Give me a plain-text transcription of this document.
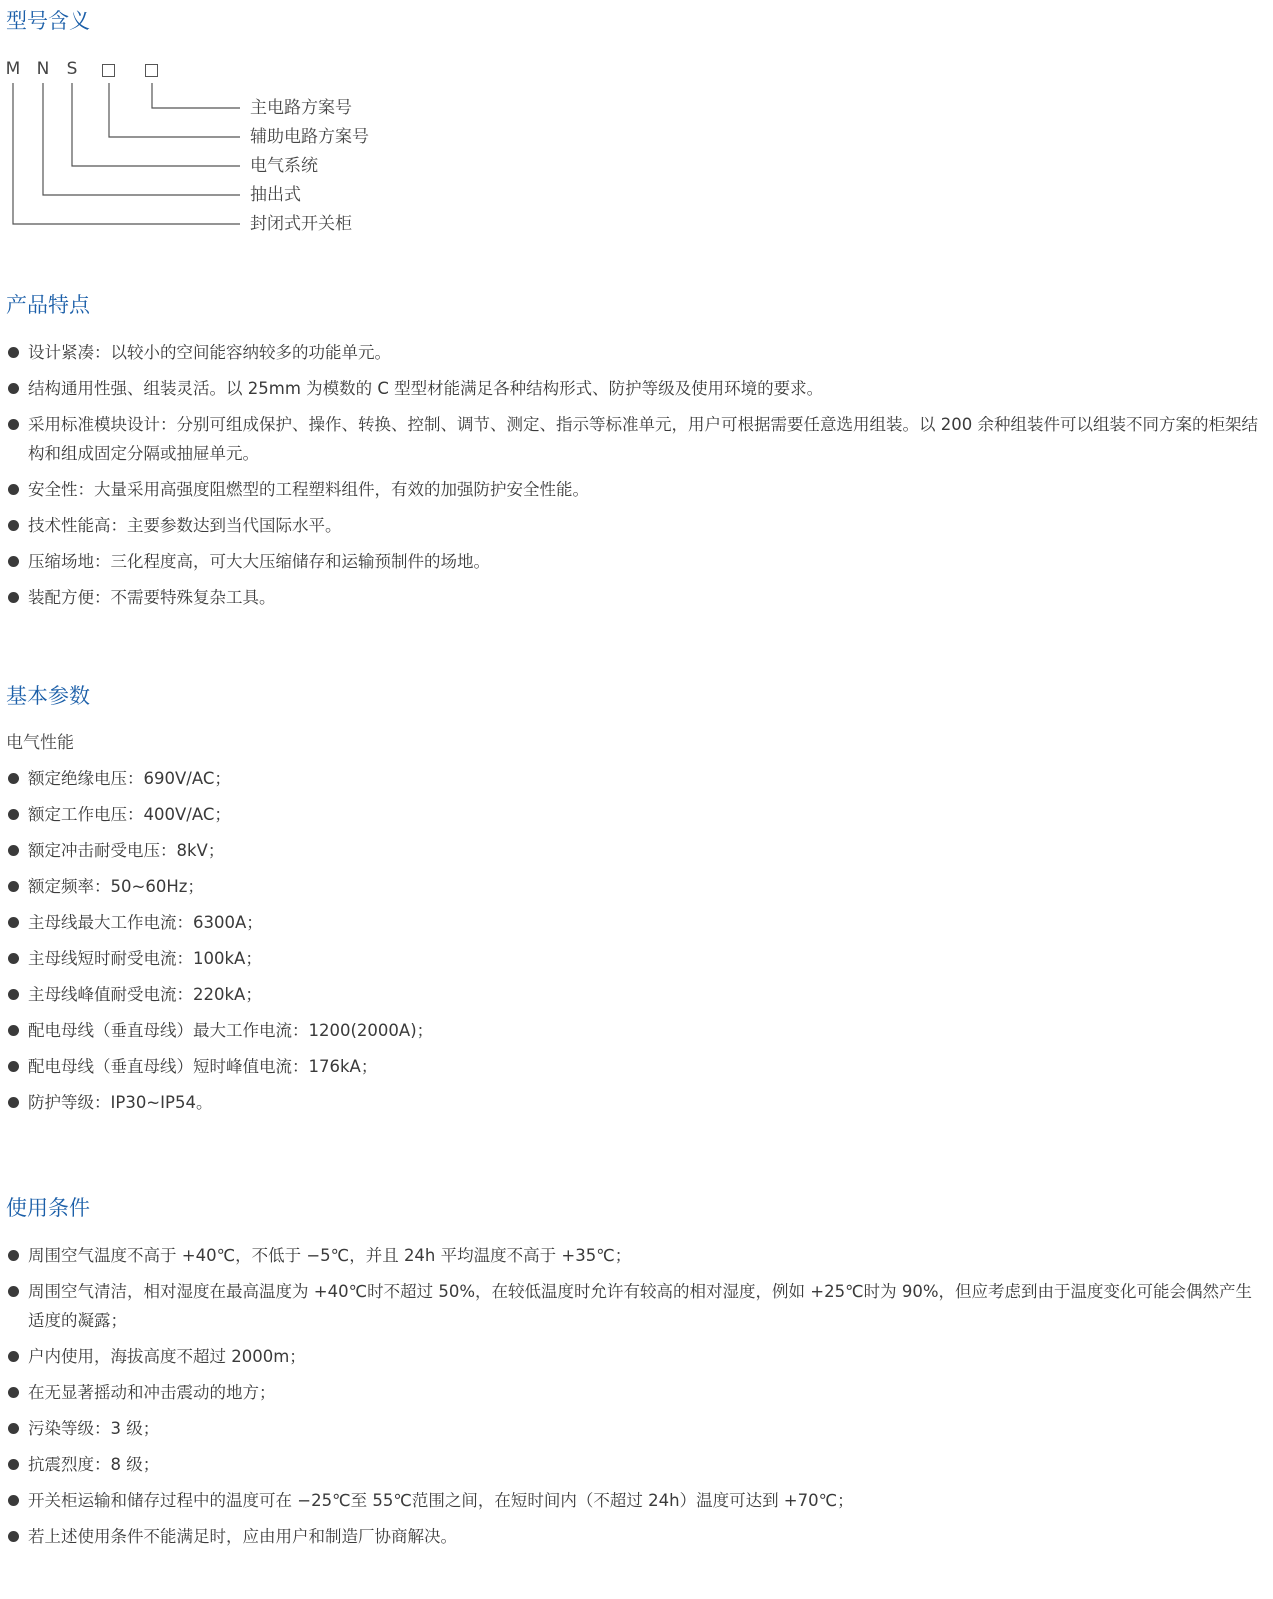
型号含义
M N S
主电路方案号
辅助电路方案号
电气系统
抽出式
封闭式开关柜
产品特点
设计紧凑：以较小的空间能容纳较多的功能单元。
结构通用性强、组装灵活。以 25mm 为模数的 C 型型材能满足各种结构形式、防护等级及使用环境的要求。
采用标准模块设计：分别可组成保护、操作、转换、控制、调节、测定、指示等标准单元，用户可根据需要任意选用组装。以 200 余种组装件可以组装不同方案的柜架结构和组成固定分隔或抽屉单元。
安全性：大量采用高强度阻燃型的工程塑料组件，有效的加强防护安全性能。
技术性能高：主要参数达到当代国际水平。
压缩场地：三化程度高，可大大压缩储存和运输预制件的场地。
装配方便：不需要特殊复杂工具。
基本参数
电气性能
额定绝缘电压：690V/AC；
额定工作电压：400V/AC；
额定冲击耐受电压：8kV；
额定频率：50~60Hz；
主母线最大工作电流：6300A；
主母线短时耐受电流：100kA；
主母线峰值耐受电流：220kA；
配电母线（垂直母线）最大工作电流：1200(2000A)；
配电母线（垂直母线）短时峰值电流：176kA；
防护等级：IP30~IP54。
使用条件
周围空气温度不高于 +40℃，不低于 −5℃，并且 24h 平均温度不高于 +35℃；
周围空气清洁，相对湿度在最高温度为 +40℃时不超过 50%，在较低温度时允许有较高的相对湿度，例如 +25℃时为 90%，但应考虑到由于温度变化可能会偶然产生适度的凝露；
户内使用，海拔高度不超过 2000m；
在无显著摇动和冲击震动的地方；
污染等级：3 级；
抗震烈度：8 级；
开关柜运输和储存过程中的温度可在 −25℃至 55℃范围之间，在短时间内（不超过 24h）温度可达到 +70℃；
若上述使用条件不能满足时，应由用户和制造厂协商解决。
